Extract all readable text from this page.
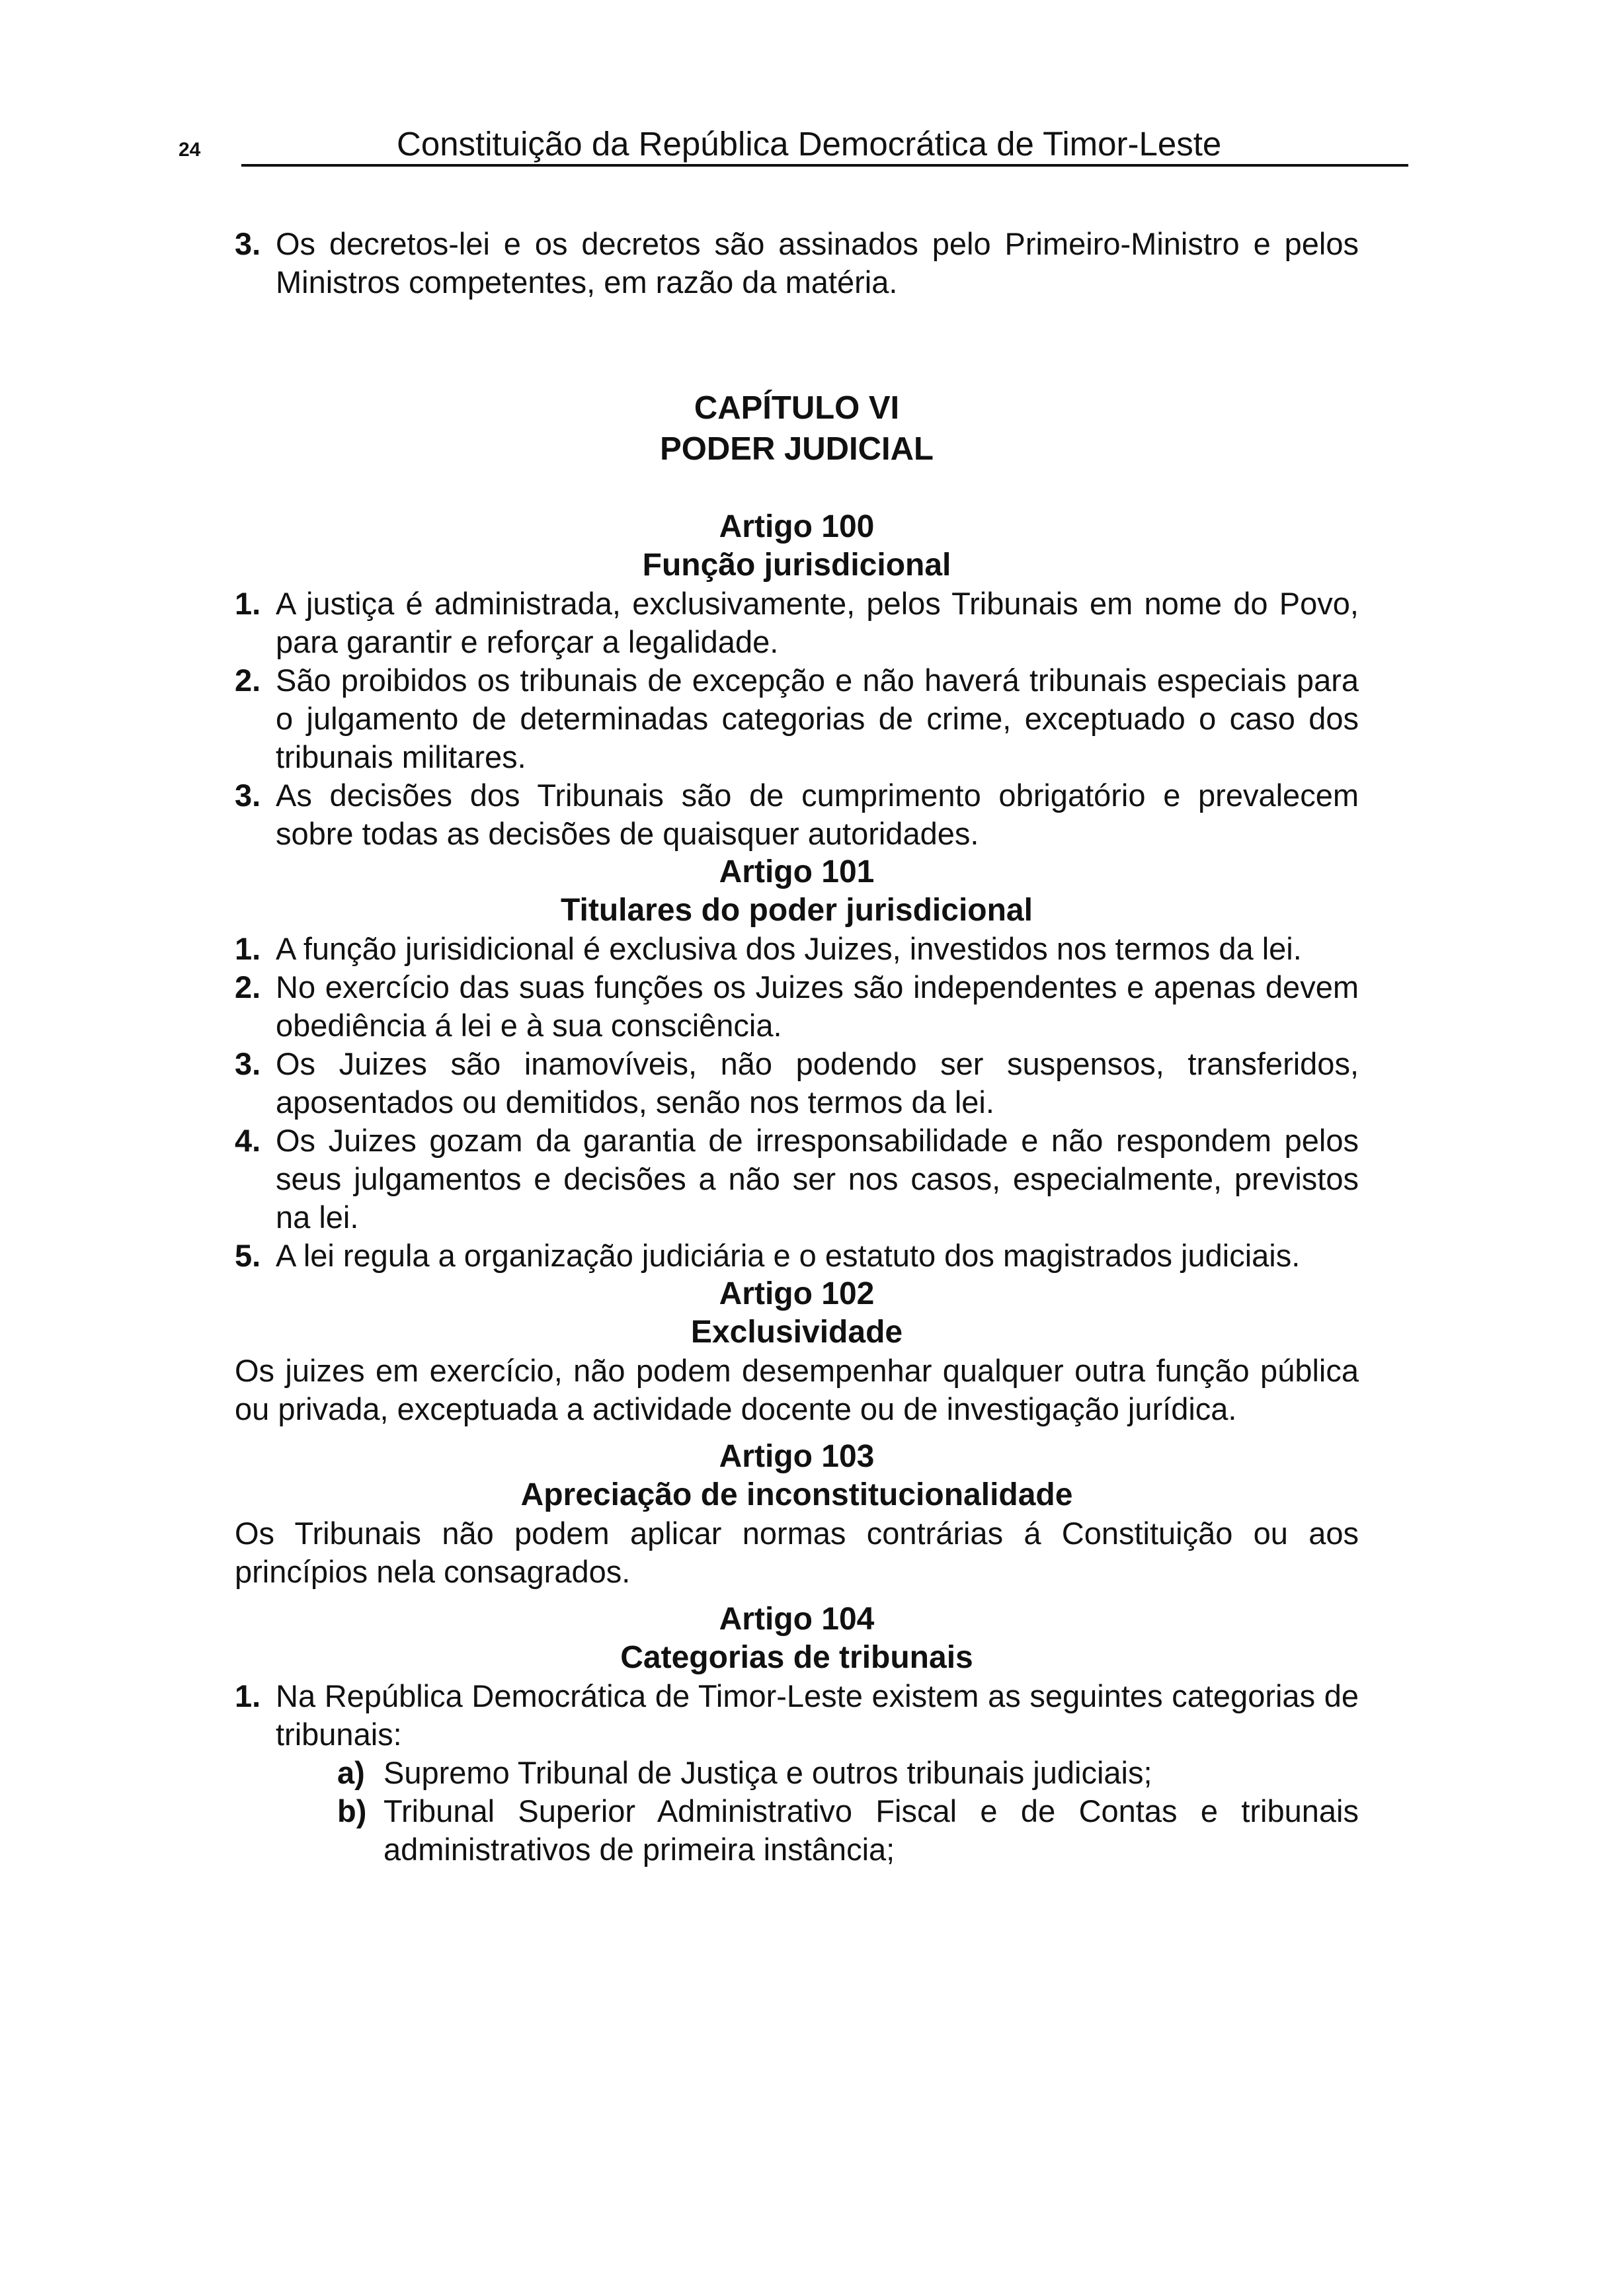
24	Constituição da República Democrática de Timor-Leste
3. Os decretos-lei e os decretos são assinados pelo Primeiro-Ministro e pelos Ministros competentes, em razão da matéria.
CAPÍTULO VI
PODER JUDICIAL
Artigo 100
Função jurisdicional
1. A justiça é administrada, exclusivamente, pelos Tribunais em nome do Povo, para garantir e reforçar a legalidade.
2. São proibidos os tribunais de excepção e não haverá tribunais especiais para o julgamento de determinadas categorias de crime, exceptuado o caso dos tribunais militares.
3. As decisões dos Tribunais são de cumprimento obrigatório e prevalecem sobre todas as decisões de quaisquer autoridades.
Artigo 101
Titulares do poder jurisdicional
1. A função jurisidicional é exclusiva dos Juizes, investidos nos termos da lei.
2. No exercício das suas funções os Juizes são independentes e apenas devem obediência á lei e à sua consciência.
3. Os Juizes são inamovíveis, não podendo ser suspensos, transferidos, aposentados ou demitidos, senão nos termos da lei.
4. Os Juizes gozam da garantia de irresponsabilidade e não respondem pelos seus julgamentos e decisões a não ser nos casos, especialmente, previstos na lei.
5. A lei regula a organização judiciária e o estatuto dos magistrados judiciais.
Artigo 102
Exclusividade
Os juizes em exercício, não podem desempenhar qualquer outra função pública ou privada, exceptuada a actividade docente ou de investigação jurídica.
Artigo 103
Apreciação de inconstitucionalidade
Os Tribunais não podem aplicar normas contrárias á Constituição ou aos princípios nela consagrados.
Artigo 104
Categorias de tribunais
1. Na República Democrática de Timor-Leste existem as seguintes categorias de tribunais:
a) Supremo Tribunal de Justiça e outros tribunais judiciais;
b) Tribunal Superior Administrativo Fiscal e de Contas e tribunais administrativos de primeira instância;
